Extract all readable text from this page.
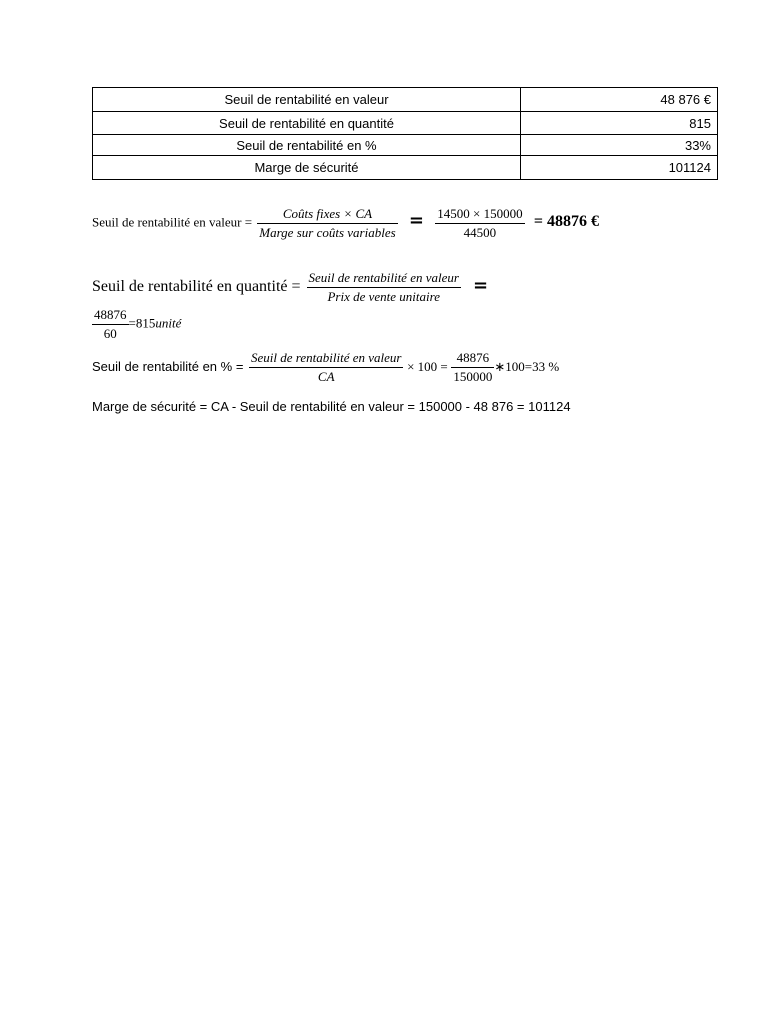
Seuil de rentabilité en valeur	48 876 €
Seuil de rentabilité en quantité	815
Seuil de rentabilité en %	33%
Marge de sécurité	101124
Seuil de rentabilité en valeur = $\frac{\text{Coûts fixes × CA}}{\text{Marge sur coûts variables}} = \frac{14500 \times 150000}{44500} = 48876$ €
Seuil de rentabilité en quantité = $\frac{\text{Seuil de rentabilité en valeur}}{\text{Prix de vente unitaire}}$ =
$\frac{48876}{60}$ =815unité
Seuil de rentabilité en % = $\frac{\text{Seuil de rentabilité en valeur}}{CA} \times 100 = \frac{48876}{150000}$ ∗100=33 %
Marge de sécurité = CA - Seuil de rentabilité en valeur = 150000 - 48 876 = 101124
